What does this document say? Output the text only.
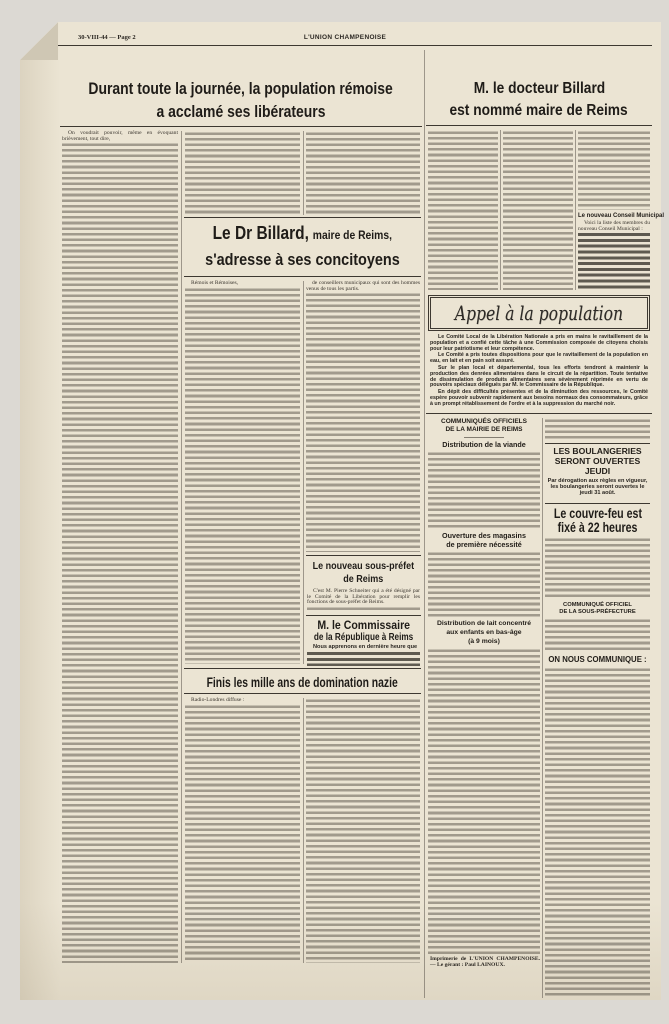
30-VIII-44 — Page 2	L'UNION CHAMPENOISE
Durant toute la journée, la population rémoise
a acclamé ses libérateurs

On voudrait pouvoir, même en évoquant brièvement, tout dire,

Le Dr Billard, maire de Reims,
s'adresse à ses concitoyens

Rémois et Rémoises,	de conseillers municipaux qui sont des hommes venus de tous les partis.

Le nouveau sous-préfet
de Reims

C'est M. Pierre Schneiter qui a été désigné par le Comité de la Libération pour remplir les fonctions de sous-préfet de Reims.

M. le Commissaire
de la République à Reims

Nous apprenons en dernière heure que

Finis les mille ans de domination nazie

Radio-Londres diffuse :

M. le docteur Billard
est nommé maire de Reims
Le nouveau Conseil Municipal

Voici la liste des membres du nouveau Conseil Municipal :

Appel à la population

Le Comité Local de la Libération Nationale a pris en mains le ravitaillement de la population et a confié cette tâche à une Commission composée de citoyens choisis pour leur patriotisme et leur compétence.

Le Comité a pris toutes dispositions pour que le ravitaillement de la population en eau, en lait et en pain soit assuré.

Sur le plan local et départemental, tous les efforts tendront à maintenir la production des denrées alimentaires dans le circuit de la répartition. Toute tentative de dissimulation de produits alimentaires sera sévèrement réprimée en vertu de pouvoirs spéciaux délégués par M. le Commissaire de la République.

En dépit des difficultés présentes et de la diminution des ressources, le Comité espère pouvoir subvenir rapidement aux besoins normaux des consommateurs, grâce à un prompt rétablissement de l'ordre et à la suppression du marché noir.

COMMUNIQUÉS OFFICIELS
DE LA MAIRIE DE REIMS
Distribution de la viande
Ouverture des magasins
de première nécessité
Distribution de lait concentré
aux enfants en bas-âge
(à 9 mois)
Imprimerie de L'UNION CHAMPENOISE. — Le gérant : Paul LAINOUX.
LES BOULANGERIES
SERONT OUVERTES
JEUDI
Par dérogation aux règles en vigueur, les boulangeries seront ouvertes le jeudi 31 août.
Le couvre-feu est
fixé à 22 heures
COMMUNIQUÉ OFFICIEL
DE LA SOUS-PRÉFECTURE
ON NOUS COMMUNIQUE :
